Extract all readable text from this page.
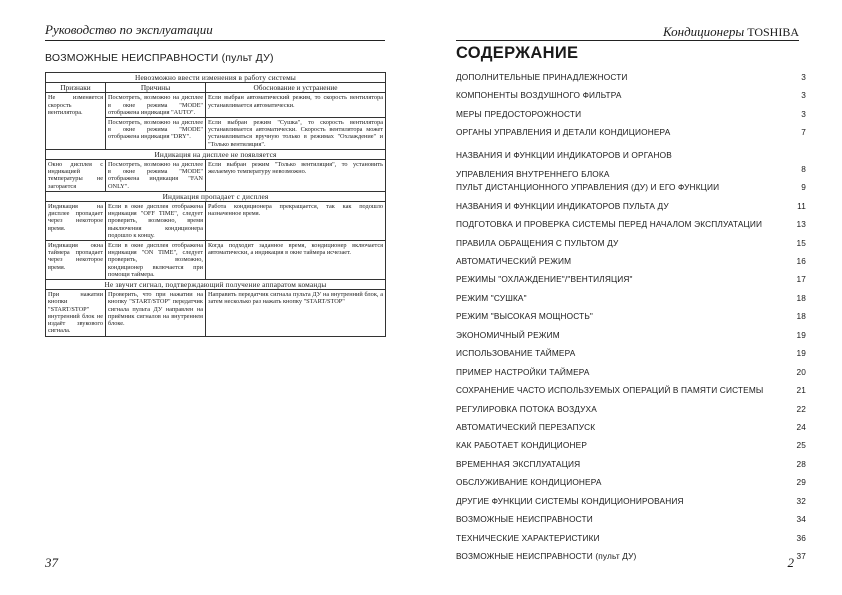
Руководство по эксплуатации
ВОЗМОЖНЫЕ НЕИСПРАВНОСТИ (пульт ДУ)
Невозможно ввести изменения в работу системы		
Признаки	Причины	Обоснование и устранение
Не изменяется скорость вентилятора.	Посмотреть, возможно на дисплее в окне режима "MODE" отображена индикация "AUTO".	Если выбран автоматический режим, то скорость вентилятора устанавливается автоматически.
	Посмотреть, возможно на дисплее в окне режима "MODE" отображена индикация "DRY".	Если выбран режим "Сушка", то скорость вентилятора устанавливается автоматически. Скорость вентилятора может устанавливаться вручную только в режимах "Охлаждение" и "Только вентиляция".
Индикация на дисплее не появляется		
Окно дисплея с индикацией температуры не загорается	Посмотреть, возможно на дисплее в окне режима "MODE" отображена индикация "FAN ONLY".	Если выбран режим "Только вентиляция", то установить желаемую температуру невозможно.
Индикация пропадает с дисплея		
Индикация на дисплее пропадает через некоторое время.	Если в окне дисплея отображена индикация "OFF TIME", следует проверить, возможно, время выключения кондиционера подошло к концу.	Работа кондиционера прекращается, так как подошло назначенное время.
Индикация окна таймера пропадает через некоторое время.	Если в окне дисплея отображена индикация "ON TIME", следует проверить, возможно, кондиционер включается при помощи таймера.	Когда подходит заданное время, кондиционер включается автоматически, а индикация в окне таймера исчезает.
Не звучит сигнал, подтверждающий получение аппаратом команды		
При нажатии кнопки "START/STOP" внутренний блок не издаёт звукового сигнала.	Проверить, что при нажатии на кнопку "START/STOP" передатчик сигнала пульта ДУ направлен на приёмник сигналов на внутреннем блоке.	Направить передатчик сигнала пульта ДУ на внутренний блок, а затем несколько раз нажать кнопку "START/STOP"
37
Кондиционеры TOSHIBA
СОДЕРЖАНИЕ
ДОПОЛНИТЕЛЬНЫЕ ПРИНАДЛЕЖНОСТИ	3
КОМПОНЕНТЫ ВОЗДУШНОГО ФИЛЬТРА	3
МЕРЫ ПРЕДОСТОРОЖНОСТИ	3
ОРГАНЫ УПРАВЛЕНИЯ И ДЕТАЛИ КОНДИЦИОНЕРА	7
НАЗВАНИЯ И ФУНКЦИИ ИНДИКАТОРОВ И ОРГАНОВ УПРАВЛЕНИЯ ВНУТРЕННЕГО БЛОКА	8
ПУЛЬТ ДИСТАНЦИОННОГО УПРАВЛЕНИЯ (ДУ) И ЕГО ФУНКЦИИ	9
НАЗВАНИЯ И ФУНКЦИИ ИНДИКАТОРОВ ПУЛЬТА ДУ	11
ПОДГОТОВКА И ПРОВЕРКА СИСТЕМЫ ПЕРЕД НАЧАЛОМ ЭКСПЛУАТАЦИИ	13
ПРАВИЛА ОБРАЩЕНИЯ С ПУЛЬТОМ ДУ	15
АВТОМАТИЧЕСКИЙ РЕЖИМ	16
РЕЖИМЫ "ОХЛАЖДЕНИЕ"/"ВЕНТИЛЯЦИЯ"	17
РЕЖИМ "СУШКА"	18
РЕЖИМ "ВЫСОКАЯ МОЩНОСТЬ"	18
ЭКОНОМИЧНЫЙ РЕЖИМ	19
ИСПОЛЬЗОВАНИЕ ТАЙМЕРА	19
ПРИМЕР НАСТРОЙКИ ТАЙМЕРА	20
СОХРАНЕНИЕ ЧАСТО ИСПОЛЬЗУЕМЫХ ОПЕРАЦИЙ В ПАМЯТИ СИСТЕМЫ	21
РЕГУЛИРОВКА ПОТОКА ВОЗДУХА	22
АВТОМАТИЧЕСКИЙ ПЕРЕЗАПУСК	24
КАК РАБОТАЕТ КОНДИЦИОНЕР	25
ВРЕМЕННАЯ ЭКСПЛУАТАЦИЯ	28
ОБСЛУЖИВАНИЕ КОНДИЦИОНЕРА	29
ДРУГИЕ ФУНКЦИИ СИСТЕМЫ КОНДИЦИОНИРОВАНИЯ	32
ВОЗМОЖНЫЕ НЕИСПРАВНОСТИ	34
ТЕХНИЧЕСКИЕ ХАРАКТЕРИСТИКИ	36
ВОЗМОЖНЫЕ НЕИСПРАВНОСТИ (пульт ДУ)	37
2
